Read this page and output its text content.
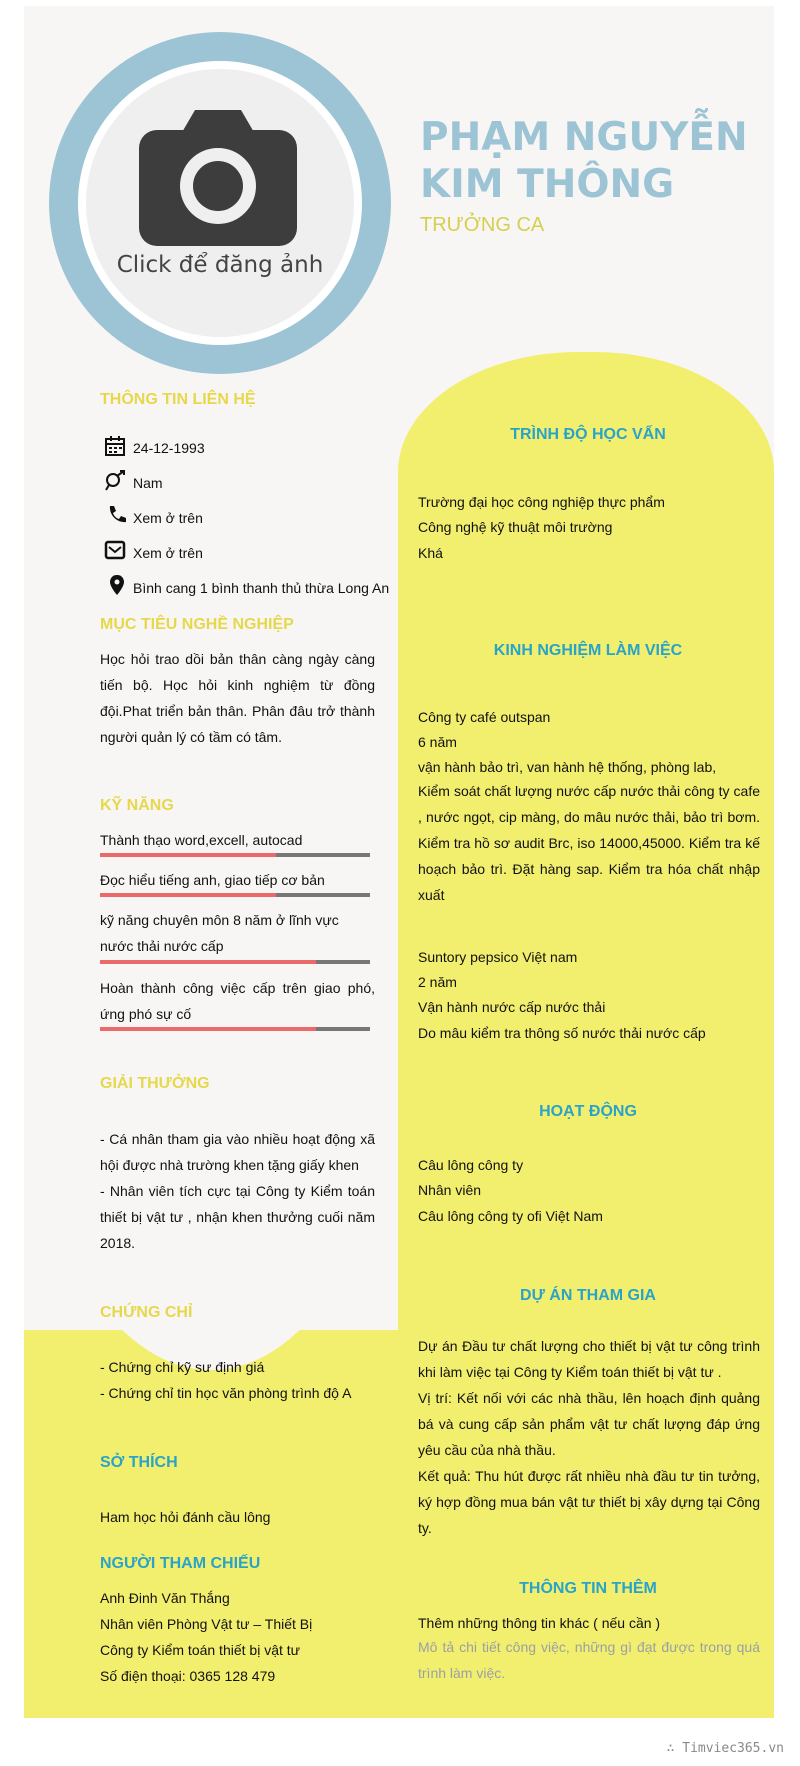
Click để đăng ảnh
PHẠM NGUYỄN KIM THÔNG
TRƯỞNG CA
THÔNG TIN LIÊN HỆ
24-12-1993
Nam
Xem ở trên
Xem ở trên
Bình cang 1 bình thanh thủ thừa Long An
MỤC TIÊU NGHỀ NGHIỆP
Học hỏi trao dồi bản thân càng ngày càng tiến bộ. Học hỏi kinh nghiệm từ đồng đội.Phat triển bản thân. Phân đâu trở thành người quản lý có tầm có tâm.
KỸ NĂNG
Thành thạo word,excell, autocad
Đọc hiểu tiếng anh, giao tiếp cơ bản
kỹ năng chuyên môn 8 năm ở lĩnh vực nước thải nước cấp
Hoàn thành công việc cấp trên giao phó, ứng phó sự cố
GIẢI THƯỞNG
- Cá nhân tham gia vào nhiều hoạt động xã hội được nhà trường khen tặng giấy khen
- Nhân viên tích cực tại Công ty Kiểm toán thiết bị vật tư , nhận khen thưởng cuối năm 2018.
CHỨNG CHỈ
- Chứng chỉ kỹ sư định giá
- Chứng chỉ tin học văn phòng trình độ A
SỞ THÍCH
Ham học hỏi đánh cầu lông
NGƯỜI THAM CHIẾU
Anh Đinh Văn Thắng
Nhân viên Phòng Vật tư – Thiết Bị
Công ty Kiểm toán thiết bị vật tư
Số điện thoại: 0365 128 479
TRÌNH ĐỘ HỌC VẤN
Trường đại học công nghiệp thực phẩm
Công nghệ kỹ thuật môi trường
Khá
KINH NGHIỆM LÀM VIỆC
Công ty café outspan
6 năm
vận hành bảo trì, van hành hệ thống, phòng lab,
Kiểm soát chất lượng nước cấp nước thải công ty cafe , nước ngọt, cip màng, do mâu nước thải, bảo trì bơm. Kiểm tra hồ sơ audit Brc, iso 14000,45000. Kiểm tra kế hoạch bảo trì. Đặt hàng sap. Kiểm tra hóa chất nhập xuất
Suntory pepsico Việt nam
2 năm
Vận hành nước cấp nước thải
Do mâu kiểm tra thông số nước thải nước cấp
HOẠT ĐỘNG
Câu lông công ty
Nhân viên
Câu lông công ty ofi Việt Nam
DỰ ÁN THAM GIA
Dự án Đầu tư chất lượng cho thiết bị vật tư công trình khi làm việc tại Công ty Kiểm toán thiết bị vật tư .
Vị trí: Kết nối với các nhà thầu, lên hoạch định quảng bá và cung cấp sản phẩm vật tư chất lượng đáp ứng yêu cầu của nhà thầu.
Kết quả: Thu hút được rất nhiều nhà đầu tư tin tưởng, ký hợp đồng mua bán vật tư thiết bị xây dựng tại Công ty.
THÔNG TIN THÊM
Thêm những thông tin khác ( nếu cần )
Mô tả chi tiết công việc, những gì đạt được trong quá trình làm việc.
∴ Timviec365.vn
